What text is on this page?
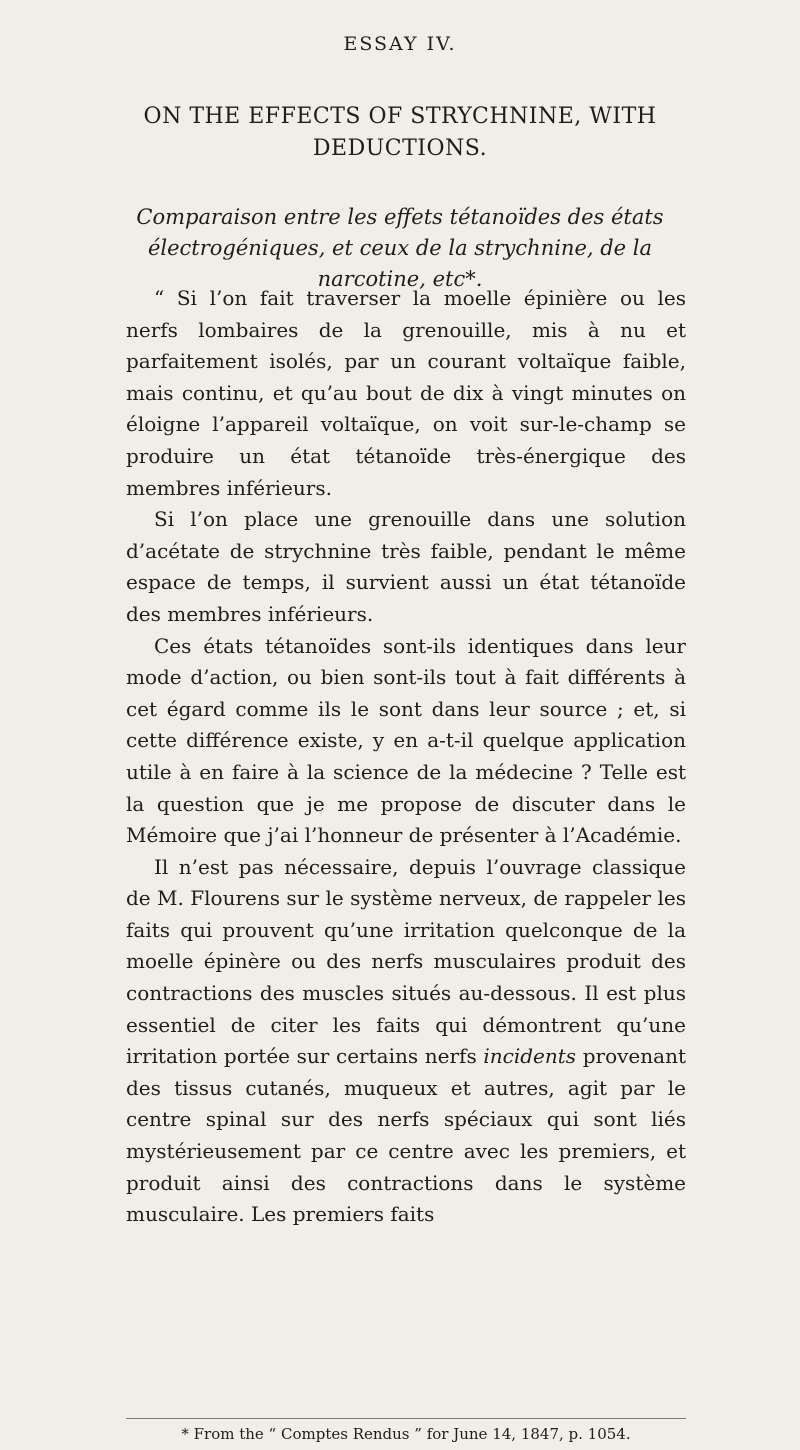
ESSAY IV.
ON THE EFFECTS OF STRYCHNINE, WITH
DEDUCTIONS.

Comparaison entre les effets tétanoïdes des états électrogéniques, et ceux de la strychnine, de la narcotine, etc*.

“ Si l’on fait traverser la moelle épinière ou les nerfs lombaires de la grenouille, mis à nu et parfaitement isolés, par un courant voltaïque faible, mais continu, et qu’au bout de dix à vingt minutes on éloigne l’appareil voltaïque, on voit sur-le-champ se produire un état tétanoïde très-énergique des membres inférieurs.

Si l’on place une grenouille dans une solution d’acétate de strychnine très faible, pendant le même espace de temps, il survient aussi un état tétanoïde des membres inférieurs.

Ces états tétanoïdes sont-ils identiques dans leur mode d’action, ou bien sont-ils tout à fait différents à cet égard comme ils le sont dans leur source ; et, si cette différence existe, y en a-t-il quelque application utile à en faire à la science de la médecine ? Telle est la question que je me propose de discuter dans le Mémoire que j’ai l’honneur de présenter à l’Académie.

Il n’est pas nécessaire, depuis l’ouvrage classique de M. Flourens sur le système nerveux, de rappeler les faits qui prouvent qu’une irritation quelconque de la moelle épinère ou des nerfs musculaires produit des contractions des muscles situés au-dessous. Il est plus essentiel de citer les faits qui démontrent qu’une irritation portée sur certains nerfs incidents provenant des tissus cutanés, muqueux et autres, agit par le centre spinal sur des nerfs spéciaux qui sont liés mystérieusement par ce centre avec les premiers, et produit ainsi des contractions dans le système musculaire. Les premiers faits

* From the “ Comptes Rendus ” for June 14, 1847, p. 1054.
